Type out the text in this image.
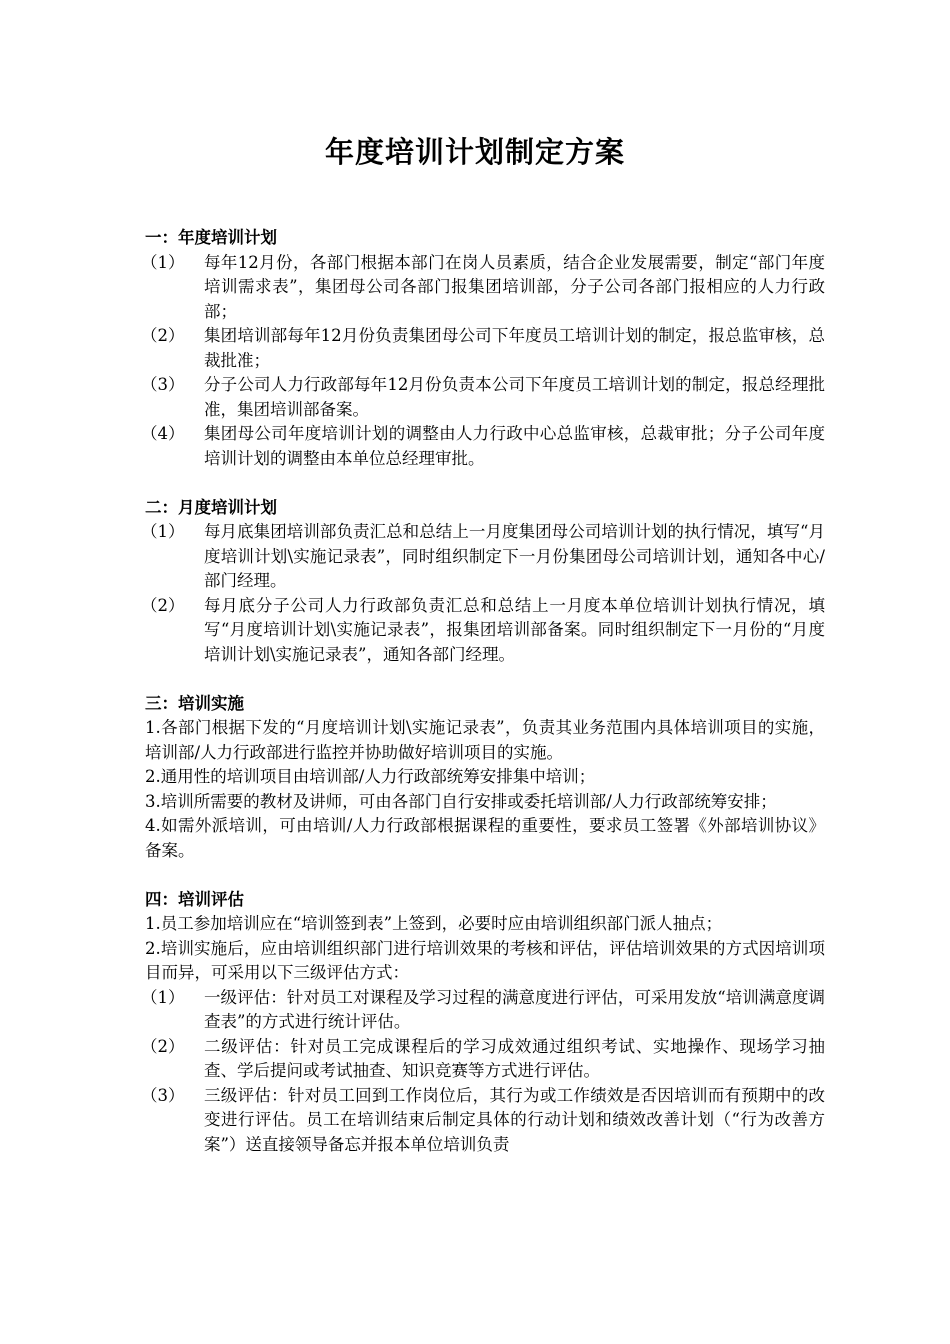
年度培训计划制定方案
一：年度培训计划
（1）	每年12月份，各部门根据本部门在岗人员素质，结合企业发展需要，制定“部门年度培训需求表”，集团母公司各部门报集团培训部，分子公司各部门报相应的人力行政部；
（2）	集团培训部每年12月份负责集团母公司下年度员工培训计划的制定，报总监审核，总裁批准；
（3）	分子公司人力行政部每年12月份负责本公司下年度员工培训计划的制定，报总经理批准，集团培训部备案。
（4）	集团母公司年度培训计划的调整由人力行政中心总监审核，总裁审批；分子公司年度培训计划的调整由本单位总经理审批。
二：月度培训计划
（1）	每月底集团培训部负责汇总和总结上一月度集团母公司培训计划的执行情况，填写“月度培训计划\实施记录表”，同时组织制定下一月份集团母公司培训计划，通知各中心/部门经理。
（2）	每月底分子公司人力行政部负责汇总和总结上一月度本单位培训计划执行情况，填写“月度培训计划\实施记录表”，报集团培训部备案。同时组织制定下一月份的“月度培训计划\实施记录表”，通知各部门经理。
三：培训实施
1.各部门根据下发的“月度培训计划\实施记录表”，负责其业务范围内具体培训项目的实施，培训部/人力行政部进行监控并协助做好培训项目的实施。
2.通用性的培训项目由培训部/人力行政部统筹安排集中培训；
3.培训所需要的教材及讲师，可由各部门自行安排或委托培训部/人力行政部统筹安排；
4.如需外派培训，可由培训/人力行政部根据课程的重要性，要求员工签署《外部培训协议》备案。
四：培训评估
1.员工参加培训应在“培训签到表”上签到，必要时应由培训组织部门派人抽点；
2.培训实施后，应由培训组织部门进行培训效果的考核和评估，评估培训效果的方式因培训项目而异，可采用以下三级评估方式：
（1）	一级评估：针对员工对课程及学习过程的满意度进行评估，可采用发放“培训满意度调查表”的方式进行统计评估。
（2）	二级评估：针对员工完成课程后的学习成效通过组织考试、实地操作、现场学习抽查、学后提问或考试抽查、知识竞赛等方式进行评估。
（3）	三级评估：针对员工回到工作岗位后，其行为或工作绩效是否因培训而有预期中的改变进行评估。员工在培训结束后制定具体的行动计划和绩效改善计划（“行为改善方案”）送直接领导备忘并报本单位培训负责
